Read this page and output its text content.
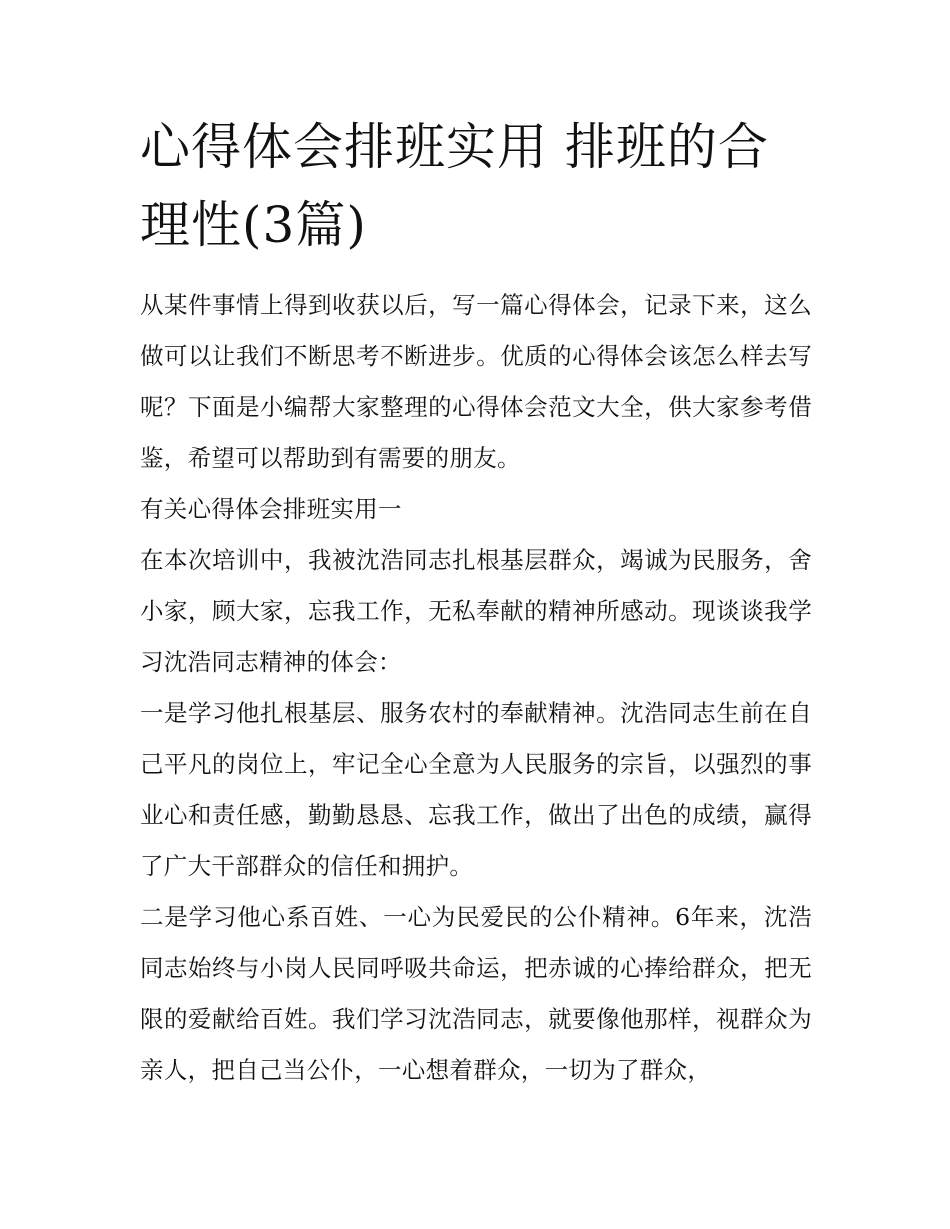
心得体会排班实用 排班的合理性(3篇)

从某件事情上得到收获以后，写一篇心得体会，记录下来，这么做可以让我们不断思考不断进步。优质的心得体会该怎么样去写呢？下面是小编帮大家整理的心得体会范文大全，供大家参考借鉴，希望可以帮助到有需要的朋友。

有关心得体会排班实用一

在本次培训中，我被沈浩同志扎根基层群众，竭诚为民服务，舍小家，顾大家，忘我工作，无私奉献的精神所感动。现谈谈我学习沈浩同志精神的体会：

一是学习他扎根基层、服务农村的奉献精神。沈浩同志生前在自己平凡的岗位上，牢记全心全意为人民服务的宗旨，以强烈的事业心和责任感，勤勤恳恳、忘我工作，做出了出色的成绩，赢得了广大干部群众的信任和拥护。

二是学习他心系百姓、一心为民爱民的公仆精神。6年来，沈浩同志始终与小岗人民同呼吸共命运，把赤诚的心捧给群众，把无限的爱献给百姓。我们学习沈浩同志，就要像他那样，视群众为亲人，把自己当公仆，一心想着群众，一切为了群众，
